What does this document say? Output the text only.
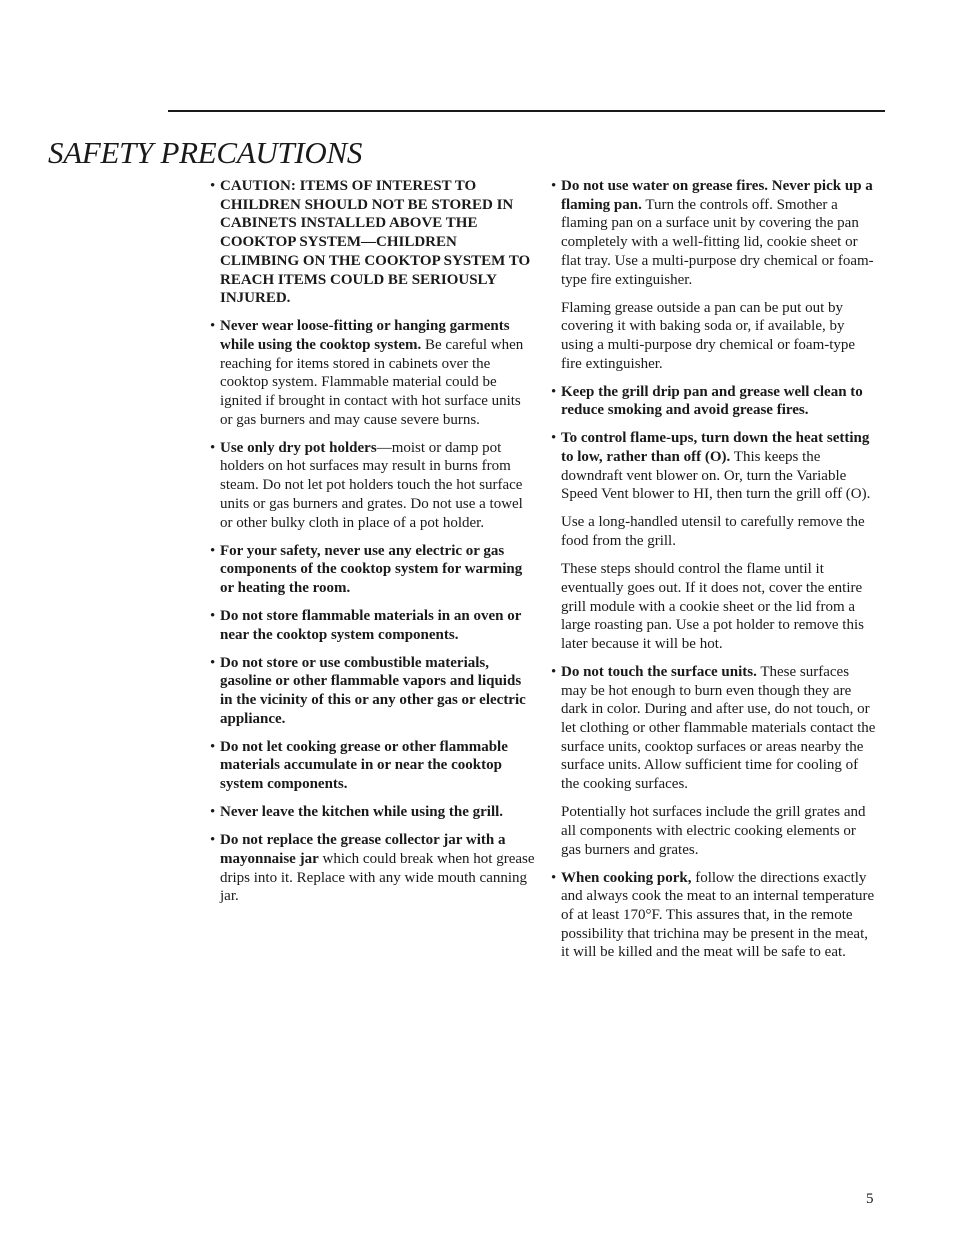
SAFETY PRECAUTIONS

• CAUTION: ITEMS OF INTEREST TO CHILDREN SHOULD NOT BE STORED IN CABINETS INSTALLED ABOVE THE COOKTOP SYSTEM—CHILDREN CLIMBING ON THE COOKTOP SYSTEM TO REACH ITEMS COULD BE SERIOUSLY INJURED.

• Never wear loose-fitting or hanging garments while using the cooktop system. Be careful when reaching for items stored in cabinets over the cooktop system. Flammable material could be ignited if brought in contact with hot surface units or gas burners and may cause severe burns.

• Use only dry pot holders—moist or damp pot holders on hot surfaces may result in burns from steam. Do not let pot holders touch the hot surface units or gas burners and grates. Do not use a towel or other bulky cloth in place of a pot holder.

• For your safety, never use any electric or gas components of the cooktop system for warming or heating the room.

• Do not store flammable materials in an oven or near the cooktop system components.

• Do not store or use combustible materials, gasoline or other flammable vapors and liquids in the vicinity of this or any other gas or electric appliance.

• Do not let cooking grease or other flammable materials accumulate in or near the cooktop system components.

• Never leave the kitchen while using the grill.

• Do not replace the grease collector jar with a mayonnaise jar which could break when hot grease drips into it. Replace with any wide mouth canning jar.

• Do not use water on grease fires. Never pick up a flaming pan. Turn the controls off. Smother a flaming pan on a surface unit by covering the pan completely with a well-fitting lid, cookie sheet or flat tray. Use a multi-purpose dry chemical or foam-type fire extinguisher.

Flaming grease outside a pan can be put out by covering it with baking soda or, if available, by using a multi-purpose dry chemical or foam-type fire extinguisher.

• Keep the grill drip pan and grease well clean to reduce smoking and avoid grease fires.

• To control flame-ups, turn down the heat setting to low, rather than off (O). This keeps the downdraft vent blower on. Or, turn the Variable Speed Vent blower to HI, then turn the grill off (O).

Use a long-handled utensil to carefully remove the food from the grill.

These steps should control the flame until it eventually goes out. If it does not, cover the entire grill module with a cookie sheet or the lid from a large roasting pan. Use a pot holder to remove this later because it will be hot.

• Do not touch the surface units. These surfaces may be hot enough to burn even though they are dark in color. During and after use, do not touch, or let clothing or other flammable materials contact the surface units, cooktop surfaces or areas nearby the surface units. Allow sufficient time for cooling of the cooking surfaces.

Potentially hot surfaces include the grill grates and all components with electric cooking elements or gas burners and grates.

• When cooking pork, follow the directions exactly and always cook the meat to an internal temperature of at least 170°F. This assures that, in the remote possibility that trichina may be present in the meat, it will be killed and the meat will be safe to eat.

5
